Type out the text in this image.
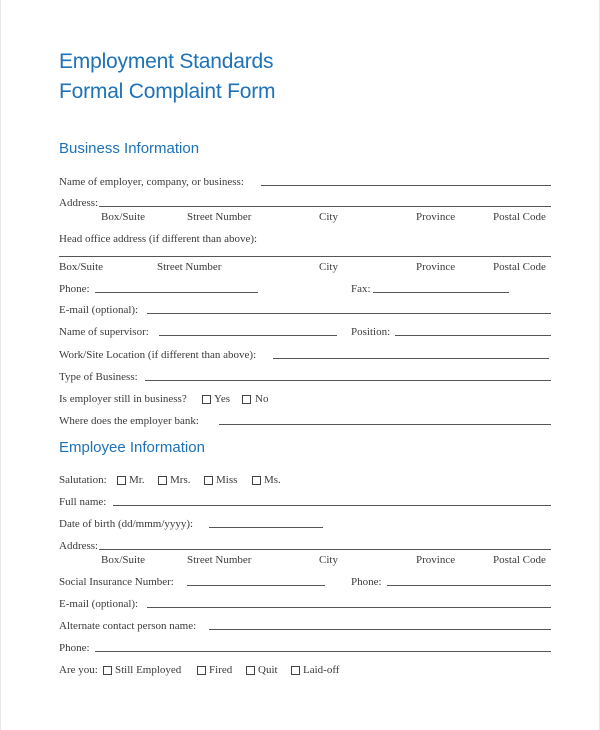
Employment Standards
Formal Complaint Form
Business Information
Name of employer, company, or business:
Address:
Box/Suite	Street Number	City	Province	Postal Code
Head office address (if different than above):
Box/Suite	Street Number	City	Province	Postal Code
Phone:	Fax:
E-mail (optional):
Name of supervisor:	Position:
Work/Site Location (if different than above):
Type of Business:
Is employer still in business? Yes No
Where does the employer bank:
Employee Information
Salutation: Mr. Mrs. Miss Ms.
Full name:
Date of birth (dd/mmm/yyyy):
Address:
Box/Suite	Street Number	City	Province	Postal Code
Social Insurance Number:	Phone:
E-mail (optional):
Alternate contact person name:
Phone:
Are you: Still Employed	Fired Quit Laid-off
